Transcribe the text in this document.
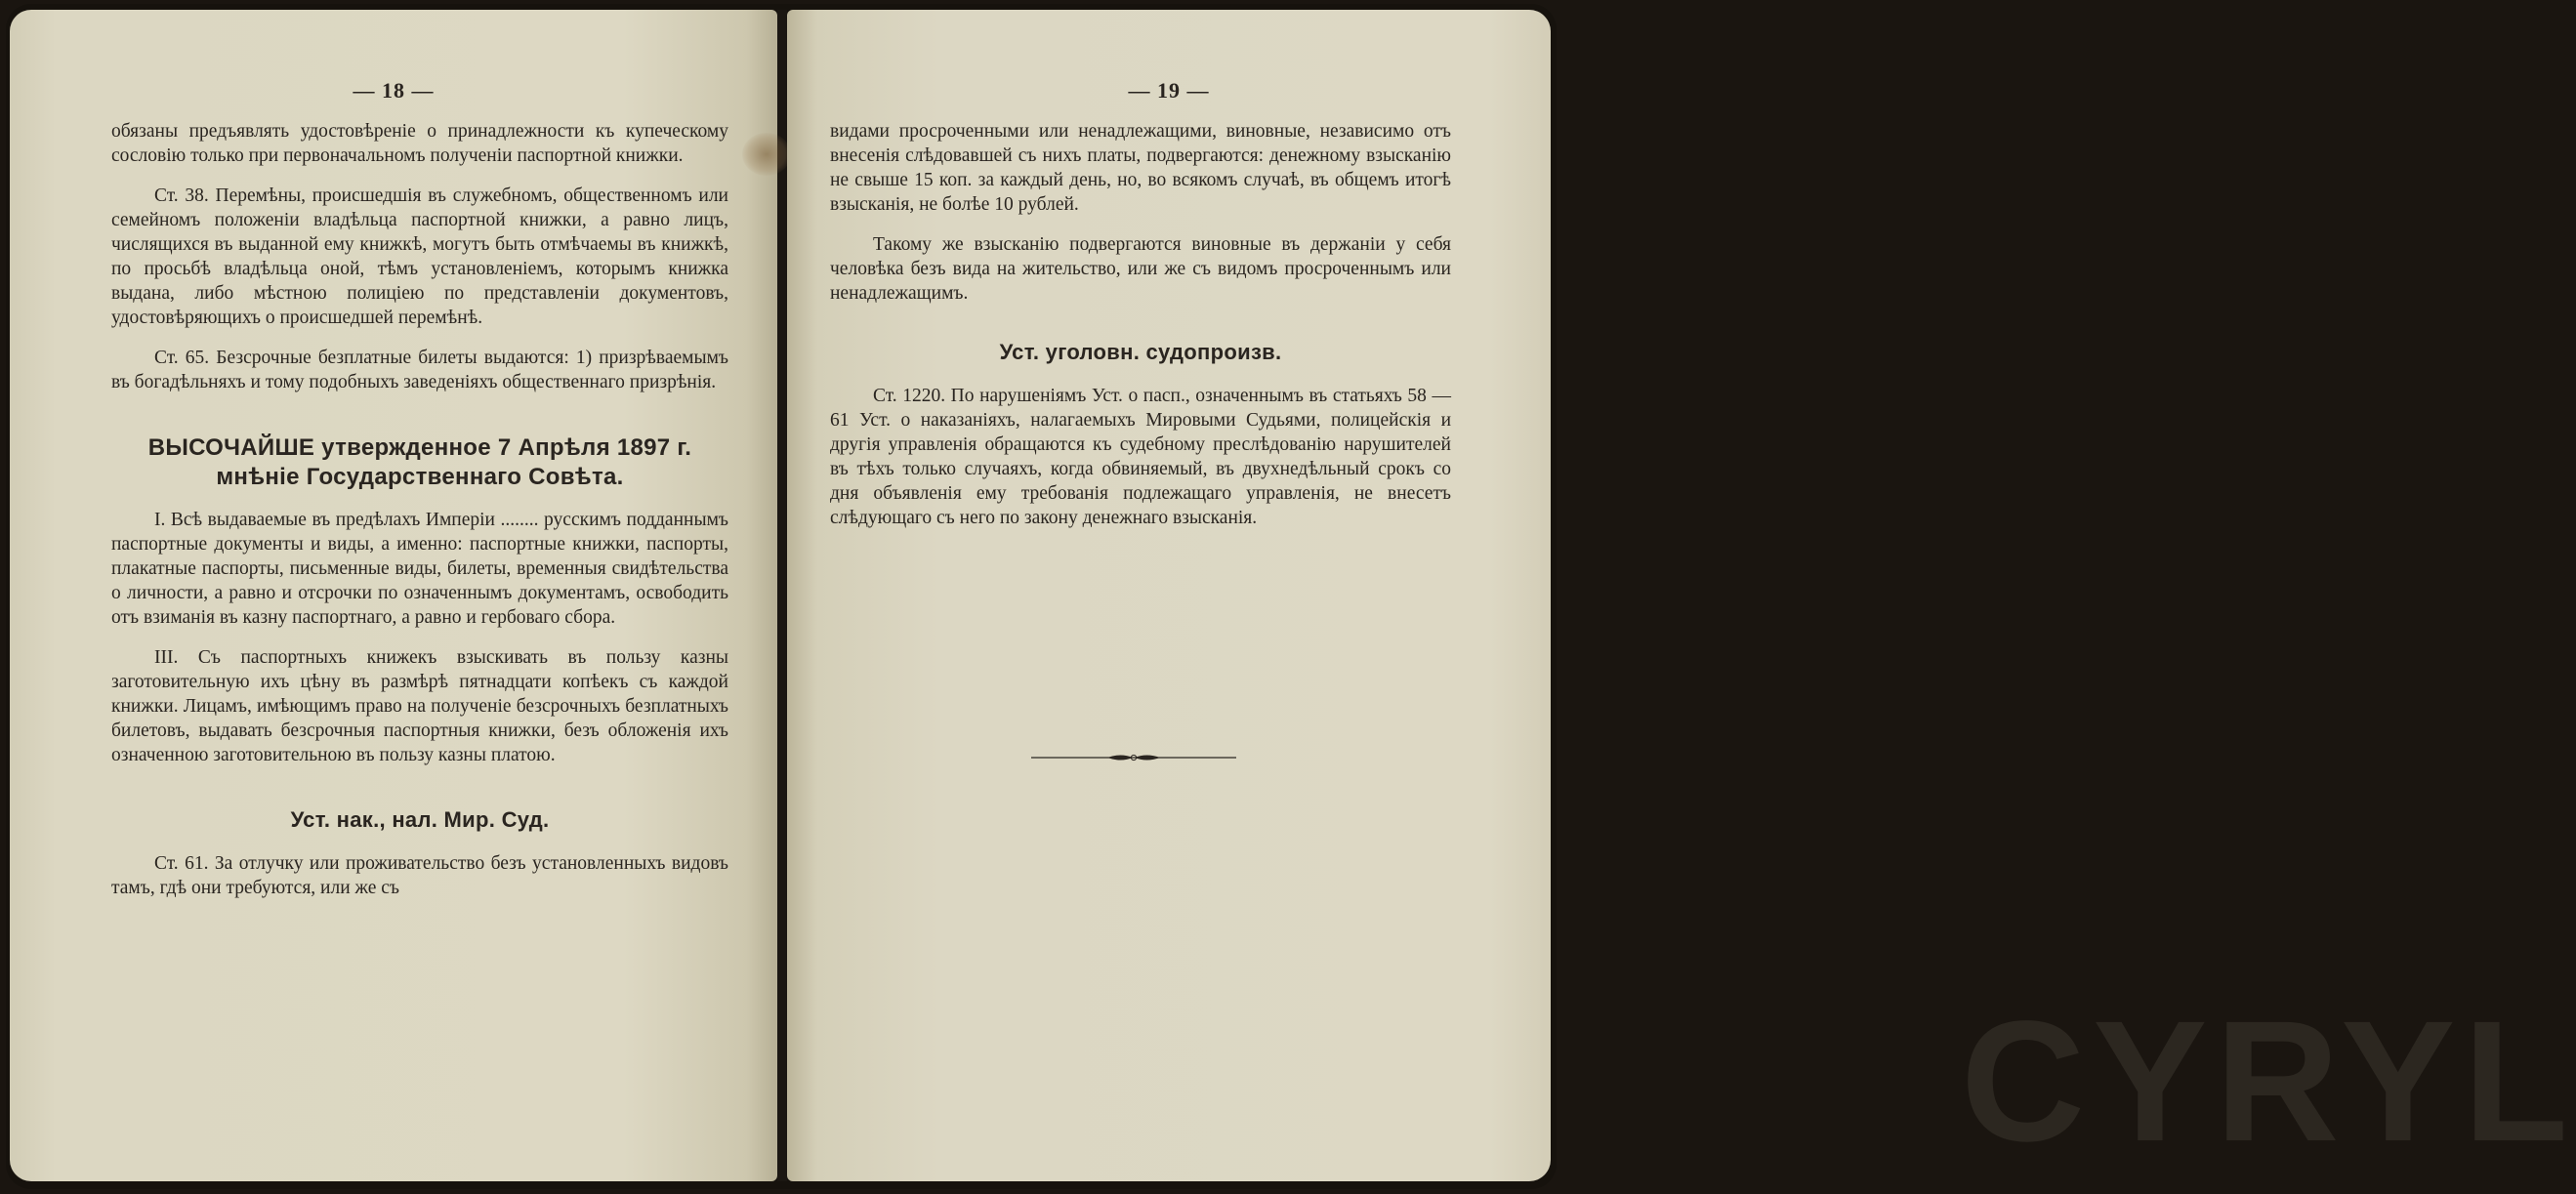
— 18 —

обязаны предъявлять удостовѣреніе о принадлежности къ купеческому сословію только при первоначальномъ полученіи паспортной книжки.

Ст. 38. Перемѣны, происшедшія въ служебномъ, общественномъ или семейномъ положеніи владѣльца паспортной книжки, а равно лицъ, числящихся въ выданной ему книжкѣ, могутъ быть отмѣчаемы въ книжкѣ, по просьбѣ владѣльца оной, тѣмъ установленіемъ, которымъ книжка выдана, либо мѣстною полиціею по представленіи документовъ, удостовѣряющихъ о происшедшей перемѣнѣ.

Ст. 65. Безсрочные безплатные билеты выдаются: 1) призрѣваемымъ въ богадѣльняхъ и тому подобныхъ заведеніяхъ общественнаго призрѣнія.

ВЫСОЧАЙШЕ утвержденное 7 Апрѣля 1897 г.
мнѣніе Государственнаго Совѣта.

I. Всѣ выдаваемые въ предѣлахъ Имперіи ........ русскимъ подданнымъ паспортные документы и виды, а именно: паспортные книжки, паспорты, плакатные паспорты, письменные виды, билеты, временныя свидѣтельства о личности, а равно и отсрочки по означеннымъ документамъ, освободить отъ взиманія въ казну паспортнаго, а равно и гербоваго сбора.

III. Съ паспортныхъ книжекъ взыскивать въ пользу казны заготовительную ихъ цѣну въ размѣрѣ пятнадцати копѣекъ съ каждой книжки. Лицамъ, имѣющимъ право на полученіе безсрочныхъ безплатныхъ билетовъ, выдавать безсрочныя паспортныя книжки, безъ обложенія ихъ означенною заготовительною въ пользу казны платою.

Уст. нак., нал. Мир. Суд.

Ст. 61. За отлучку или проживательство безъ установленныхъ видовъ тамъ, гдѣ они требуются, или же съ

— 19 —

видами просроченными или ненадлежащими, виновные, независимо отъ внесенія слѣдовавшей съ нихъ платы, подвергаются: денежному взысканію не свыше 15 коп. за каждый день, но, во всякомъ случаѣ, въ общемъ итогѣ взысканія, не болѣе 10 рублей.

Такому же взысканію подвергаются виновные въ держаніи у себя человѣка безъ вида на жительство, или же съ видомъ просроченнымъ или ненадлежащимъ.

Уст. уголовн. судопроизв.

Ст. 1220. По нарушеніямъ Уст. о пасп., означеннымъ въ статьяхъ 58 — 61 Уст. о наказаніяхъ, налагаемыхъ Мировыми Судьями, полицейскія и другія управленія обращаются къ судебному преслѣдованію нарушителей въ тѣхъ только случаяхъ, когда обвиняемый, въ двухнедѣльный срокъ со дня объявленія ему требованія подлежащаго управленія, не внесетъ слѣдующаго съ него по закону денежнаго взысканія.

CYRYL
